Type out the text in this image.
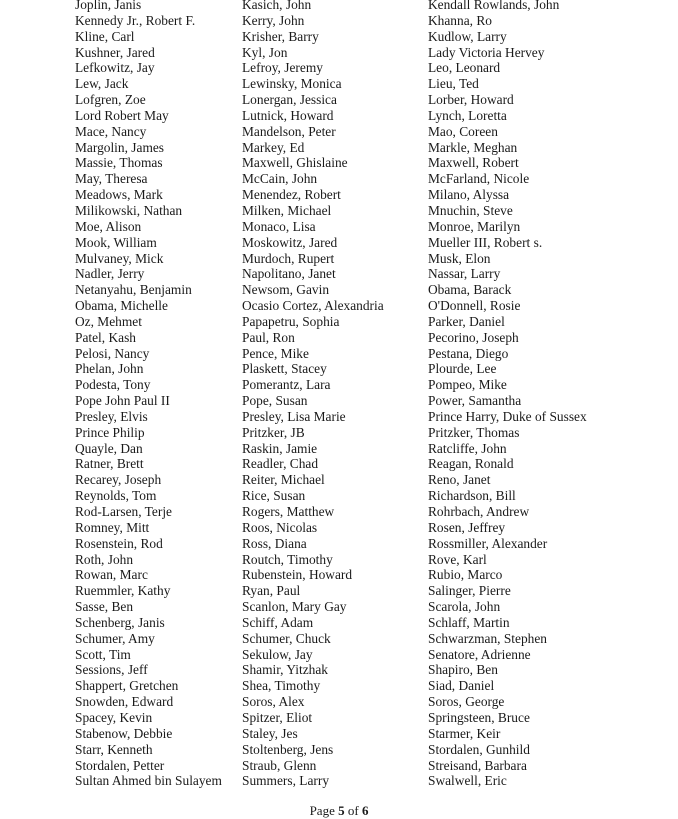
Joplin, Janis
Kennedy Jr., Robert F.
Kline, Carl
Kushner, Jared
Lefkowitz, Jay
Lew, Jack
Lofgren, Zoe
Lord Robert May
Mace, Nancy
Margolin, James
Massie, Thomas
May, Theresa
Meadows, Mark
Milikowski, Nathan
Moe, Alison
Mook, William
Mulvaney, Mick
Nadler, Jerry
Netanyahu, Benjamin
Obama, Michelle
Oz, Mehmet
Patel, Kash
Pelosi, Nancy
Phelan, John
Podesta, Tony
Pope John Paul II
Presley, Elvis
Prince Philip
Quayle, Dan
Ratner, Brett
Recarey, Joseph
Reynolds, Tom
Rod-Larsen, Terje
Romney, Mitt
Rosenstein, Rod
Roth, John
Rowan, Marc
Ruemmler, Kathy
Sasse, Ben
Schenberg, Janis
Schumer, Amy
Scott, Tim
Sessions, Jeff
Shappert, Gretchen
Snowden, Edward
Spacey, Kevin
Stabenow, Debbie
Starr, Kenneth
Stordalen, Petter
Sultan Ahmed bin Sulayem
Kasich, John
Kerry, John
Krisher, Barry
Kyl, Jon
Lefroy, Jeremy
Lewinsky, Monica
Lonergan, Jessica
Lutnick, Howard
Mandelson, Peter
Markey, Ed
Maxwell, Ghislaine
McCain, John
Menendez, Robert
Milken, Michael
Monaco, Lisa
Moskowitz, Jared
Murdoch, Rupert
Napolitano, Janet
Newsom, Gavin
Ocasio Cortez, Alexandria
Papapetru, Sophia
Paul, Ron
Pence, Mike
Plaskett, Stacey
Pomerantz, Lara
Pope, Susan
Presley, Lisa Marie
Pritzker, JB
Raskin, Jamie
Readler, Chad
Reiter, Michael
Rice, Susan
Rogers, Matthew
Roos, Nicolas
Ross, Diana
Routch, Timothy
Rubenstein, Howard
Ryan, Paul
Scanlon, Mary Gay
Schiff, Adam
Schumer, Chuck
Sekulow, Jay
Shamir, Yitzhak
Shea, Timothy
Soros, Alex
Spitzer, Eliot
Staley, Jes
Stoltenberg, Jens
Straub, Glenn
Summers, Larry
Kendall Rowlands, John
Khanna, Ro
Kudlow, Larry
Lady Victoria Hervey
Leo, Leonard
Lieu, Ted
Lorber, Howard
Lynch, Loretta
Mao, Coreen
Markle, Meghan
Maxwell, Robert
McFarland, Nicole
Milano, Alyssa
Mnuchin, Steve
Monroe, Marilyn
Mueller III, Robert s.
Musk, Elon
Nassar, Larry
Obama, Barack
O'Donnell, Rosie
Parker, Daniel
Pecorino, Joseph
Pestana, Diego
Plourde, Lee
Pompeo, Mike
Power, Samantha
Prince Harry, Duke of Sussex
Pritzker, Thomas
Ratcliffe, John
Reagan, Ronald
Reno, Janet
Richardson, Bill
Rohrbach, Andrew
Rosen, Jeffrey
Rossmiller, Alexander
Rove, Karl
Rubio, Marco
Salinger, Pierre
Scarola, John
Schlaff, Martin
Schwarzman, Stephen
Senatore, Adrienne
Shapiro, Ben
Siad, Daniel
Soros, George
Springsteen, Bruce
Starmer, Keir
Stordalen, Gunhild
Streisand, Barbara
Swalwell, Eric
Page 5 of 6
